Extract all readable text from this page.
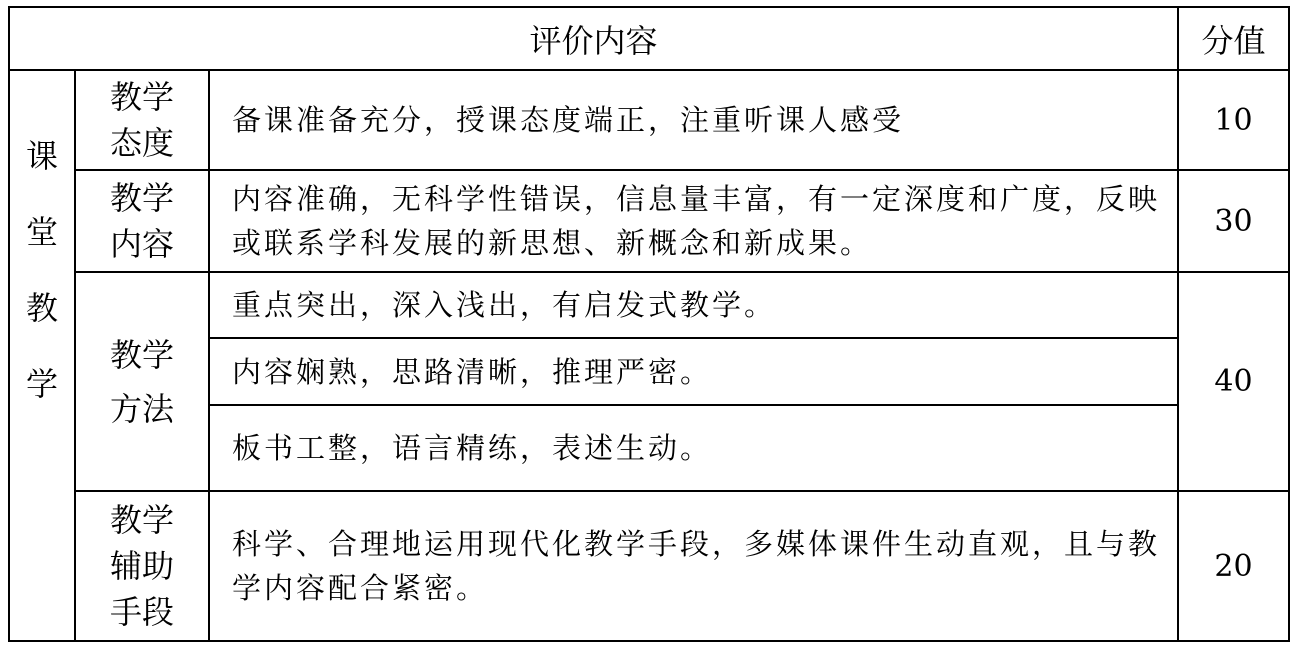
评价内容	分值
课
堂
教
学
教学
态度
备课准备充分，授课态度端正，注重听课人感受	10
教学
内容
内容准确，无科学性错误，信息量丰富，有一定深度和广度，反映或联系学科发展的新思想、新概念和新成果。
30
教学
方法
重点突出，深入浅出，有启发式教学。
内容娴熟，思路清晰，推理严密。
板书工整，语言精练，表述生动。
40
教学
辅助
手段
科学、合理地运用现代化教学手段，多媒体课件生动直观，且与教学内容配合紧密。
20
